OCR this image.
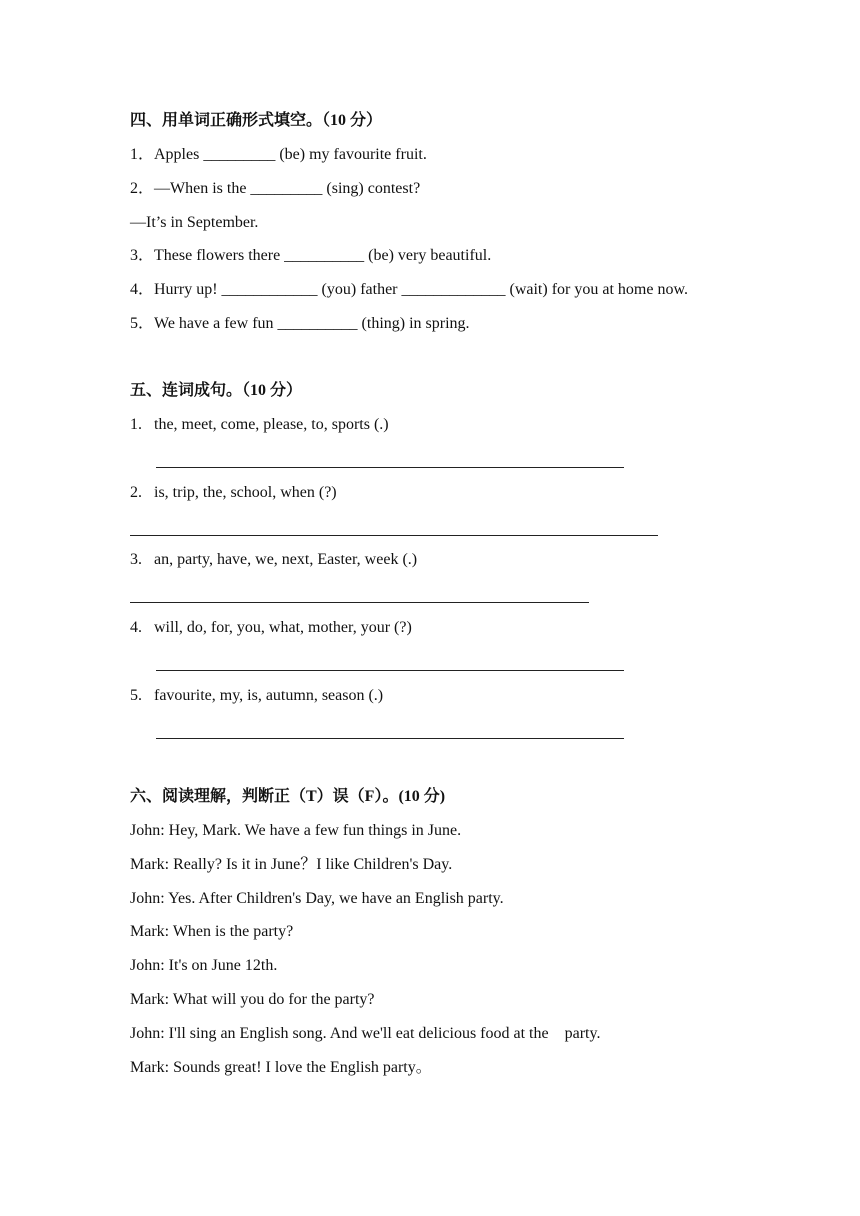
四、用单词正确形式填空。（10 分）
1．Apples _________ (be) my favourite fruit.
2．—When is the _________ (sing) contest?
—It’s in September.
3．These flowers there __________ (be) very beautiful.
4．Hurry up! ____________ (you) father _____________ (wait) for you at home now.
5．We have a few fun __________ (thing) in spring.
五、连词成句。（10 分）
1.   the, meet, come, please, to, sports (.)
2.   is, trip, the, school, when (?)
3.   an, party, have, we, next, Easter, week (.)
4.   will, do, for, you, what, mother, your (?)
5.   favourite, my, is, autumn, season (.)
六、阅读理解，判断正（T）误（F）。(10 分)
John: Hey, Mark. We have a few fun things in June.
Mark: Really? Is it in June？I like Children's Day.
John: Yes. After Children's Day, we have an English party.
Mark: When is the party?
John: It's on June 12th.
Mark: What will you do for the party?
John: I'll sing an English song. And we'll eat delicious food at the    party.
Mark: Sounds great! I love the English party。
